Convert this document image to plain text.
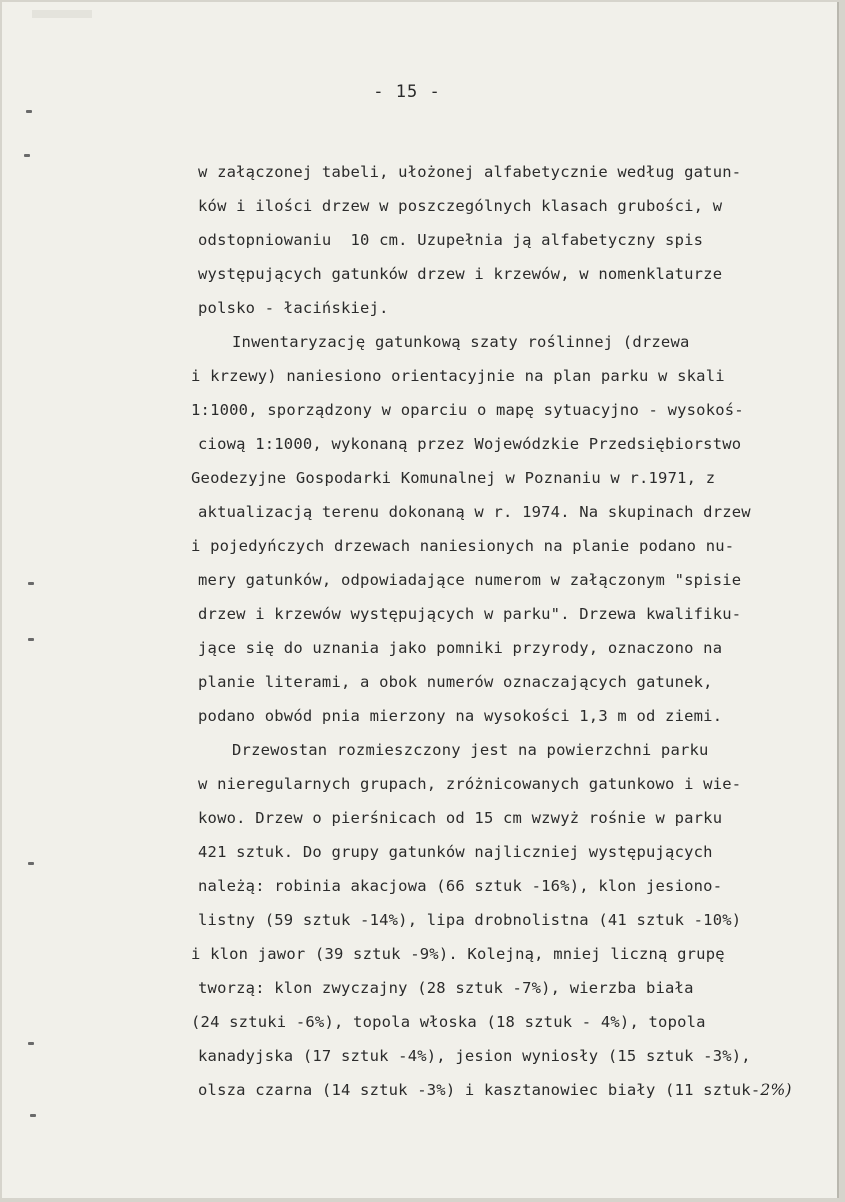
- 15 -
w załączonej tabeli, ułożonej alfabetycznie według gatun-
ków i ilości drzew w poszczególnych klasach grubości, w
odstopniowaniu  10 cm. Uzupełnia ją alfabetyczny spis
występujących gatunków drzew i krzewów, w nomenklaturze
polsko - łacińskiej.
Inwentaryzację gatunkową szaty roślinnej (drzewa
i krzewy) naniesiono orientacyjnie na plan parku w skali
1:1000, sporządzony w oparciu o mapę sytuacyjno - wysokoś-
ciową 1:1000, wykonaną przez Wojewódzkie Przedsiębiorstwo
Geodezyjne Gospodarki Komunalnej w Poznaniu w r.1971, z
aktualizacją terenu dokonaną w r. 1974. Na skupinach drzew
i pojedyńczych drzewach naniesionych na planie podano nu-
mery gatunków, odpowiadające numerom w załączonym "spisie
drzew i krzewów występujących w parku". Drzewa kwalifiku-
jące się do uznania jako pomniki przyrody, oznaczono na
planie literami, a obok numerów oznaczających gatunek,
podano obwód pnia mierzony na wysokości 1,3 m od ziemi.
Drzewostan rozmieszczony jest na powierzchni parku
w nieregularnych grupach, zróżnicowanych gatunkowo i wie-
kowo. Drzew o pierśnicach od 15 cm wzwyż rośnie w parku
421 sztuk. Do grupy gatunków najliczniej występujących
należą: robinia akacjowa (66 sztuk -16%), klon jesiono-
listny (59 sztuk -14%), lipa drobnolistna (41 sztuk -10%)
i klon jawor (39 sztuk -9%). Kolejną, mniej liczną grupę
tworzą: klon zwyczajny (28 sztuk -7%), wierzba biała
(24 sztuki -6%), topola włoska (18 sztuk - 4%), topola
kanadyjska (17 sztuk -4%), jesion wyniosły (15 sztuk -3%),
olsza czarna (14 sztuk -3%) i kasztanowiec biały (11 sztuk-2%)
